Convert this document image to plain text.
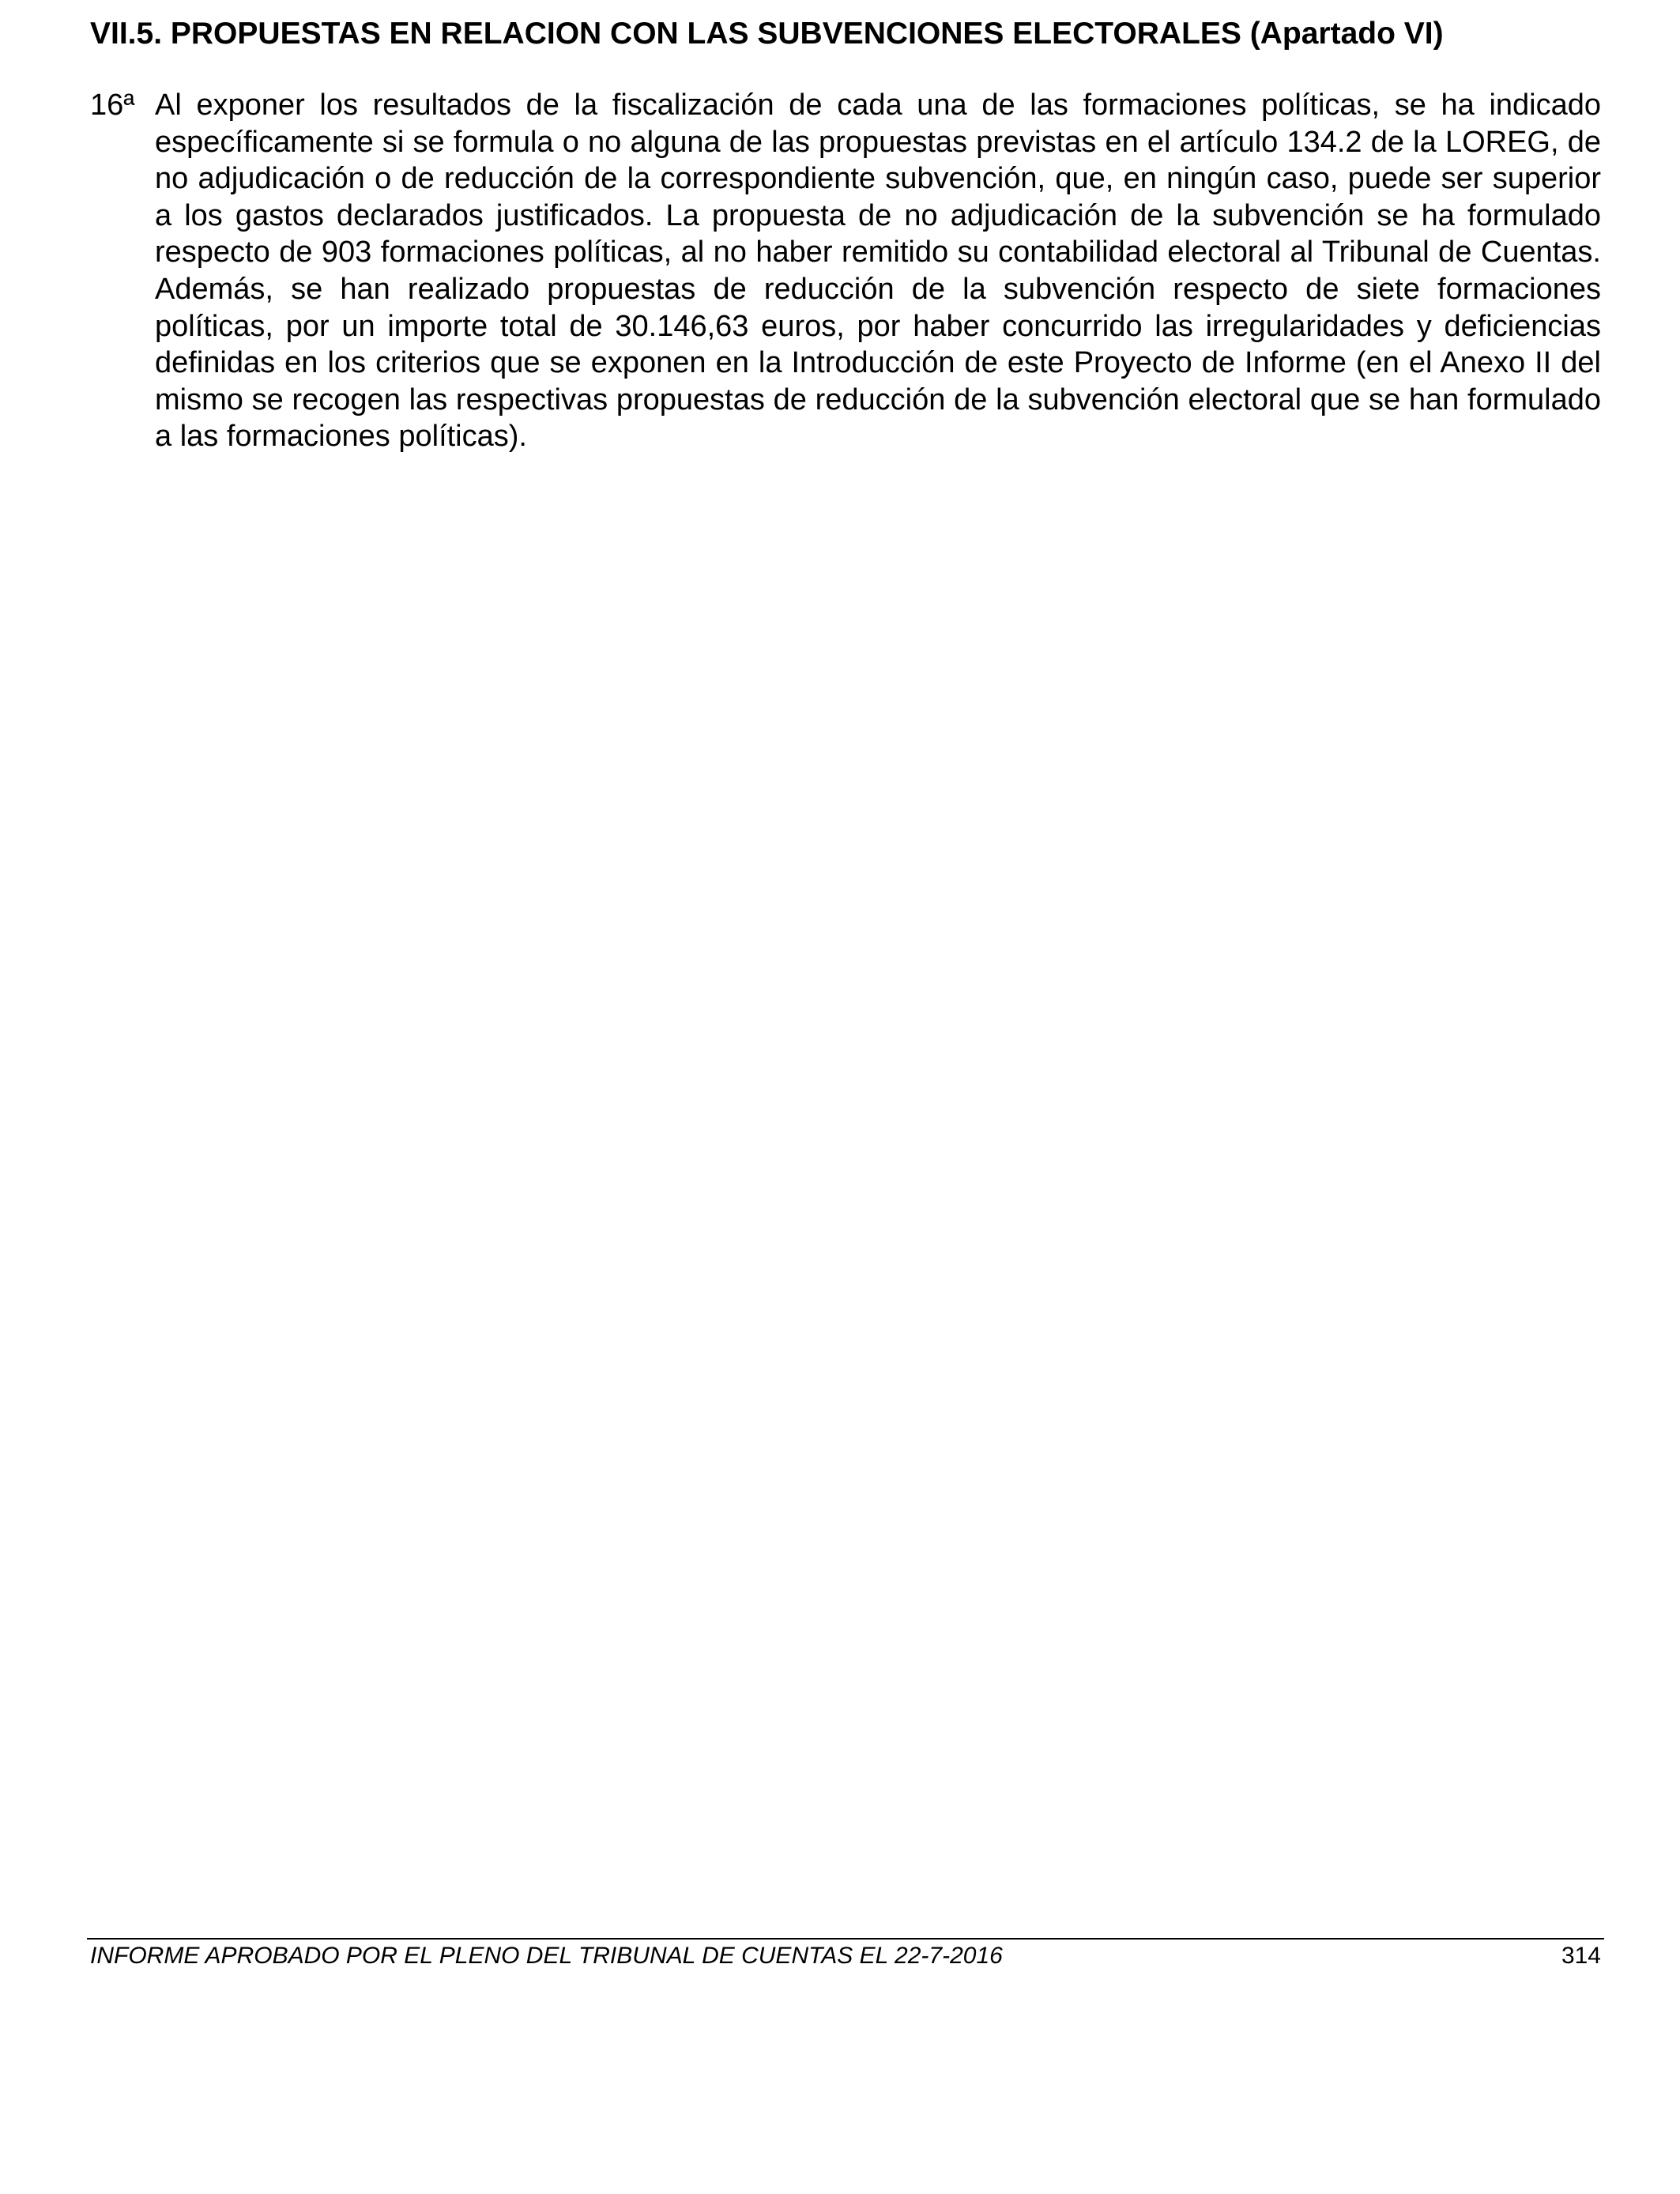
VII.5. PROPUESTAS EN RELACION CON LAS SUBVENCIONES ELECTORALES (Apartado VI)
16ª Al exponer los resultados de la fiscalización de cada una de las formaciones políticas, se ha indicado específicamente si se formula o no alguna de las propuestas previstas en el artículo 134.2 de la LOREG, de no adjudicación o de reducción de la correspondiente subvención, que, en ningún caso, puede ser superior a los gastos declarados justificados. La propuesta de no adjudicación de la subvención se ha formulado respecto de 903 formaciones políticas, al no haber remitido su contabilidad electoral al Tribunal de Cuentas. Además, se han realizado propuestas de reducción de la subvención respecto de siete formaciones políticas, por un importe total de 30.146,63 euros, por haber concurrido las irregularidades y deficiencias definidas en los criterios que se exponen en la Introducción de este Proyecto de Informe (en el Anexo II del mismo se recogen las respectivas propuestas de reducción de la subvención electoral que se han formulado a las formaciones políticas).

INFORME APROBADO POR EL PLENO DEL TRIBUNAL DE CUENTAS EL 22-7-2016	314
